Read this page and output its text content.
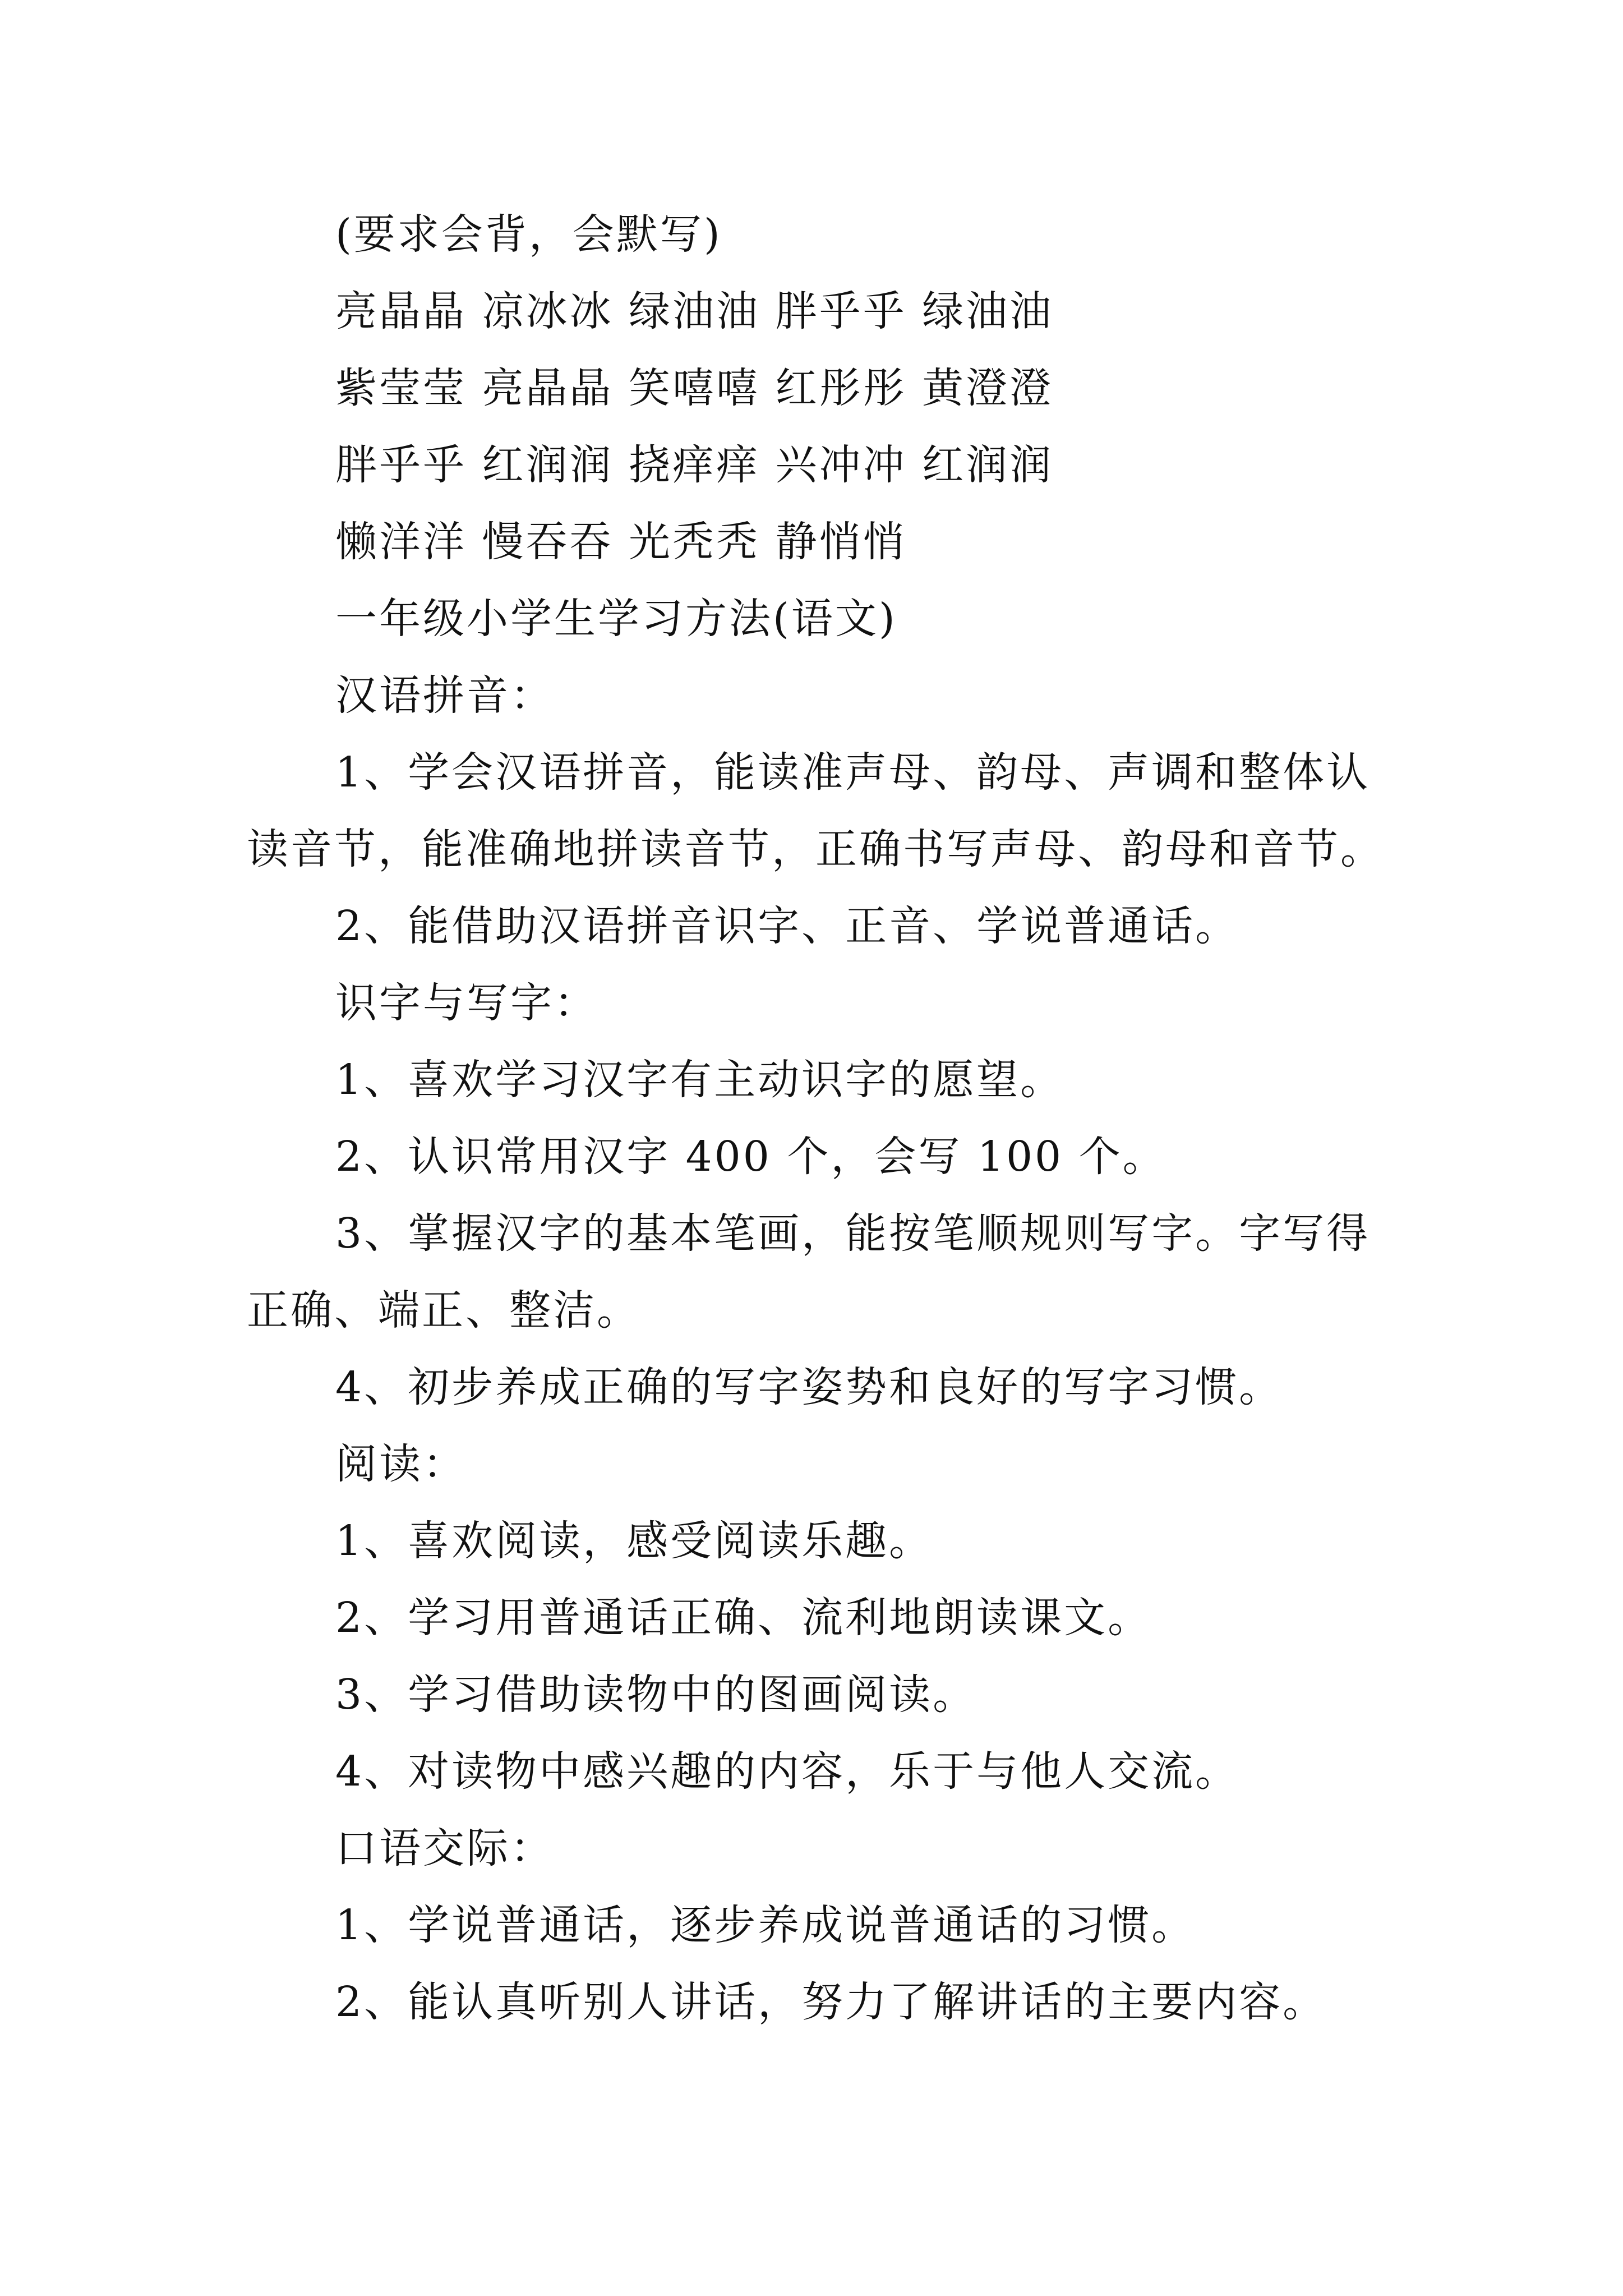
(要求会背，会默写)
亮晶晶 凉冰冰 绿油油 胖乎乎 绿油油
紫莹莹 亮晶晶 笑嘻嘻 红彤彤 黄澄澄
胖乎乎 红润润 挠痒痒 兴冲冲 红润润
懒洋洋 慢吞吞 光秃秃 静悄悄
一年级小学生学习方法(语文)
汉语拼音：
1、学会汉语拼音，能读准声母、韵母、声调和整体认
读音节，能准确地拼读音节，正确书写声母、韵母和音节。
2、能借助汉语拼音识字、正音、学说普通话。
识字与写字：
1、喜欢学习汉字有主动识字的愿望。
2、认识常用汉字 400 个，会写 100 个。
3、掌握汉字的基本笔画，能按笔顺规则写字。字写得
正确、端正、整洁。
4、初步养成正确的写字姿势和良好的写字习惯。
阅读：
1、喜欢阅读，感受阅读乐趣。
2、学习用普通话正确、流利地朗读课文。
3、学习借助读物中的图画阅读。
4、对读物中感兴趣的内容，乐于与他人交流。
口语交际：
1、学说普通话，逐步养成说普通话的习惯。
2、能认真听别人讲话，努力了解讲话的主要内容。
